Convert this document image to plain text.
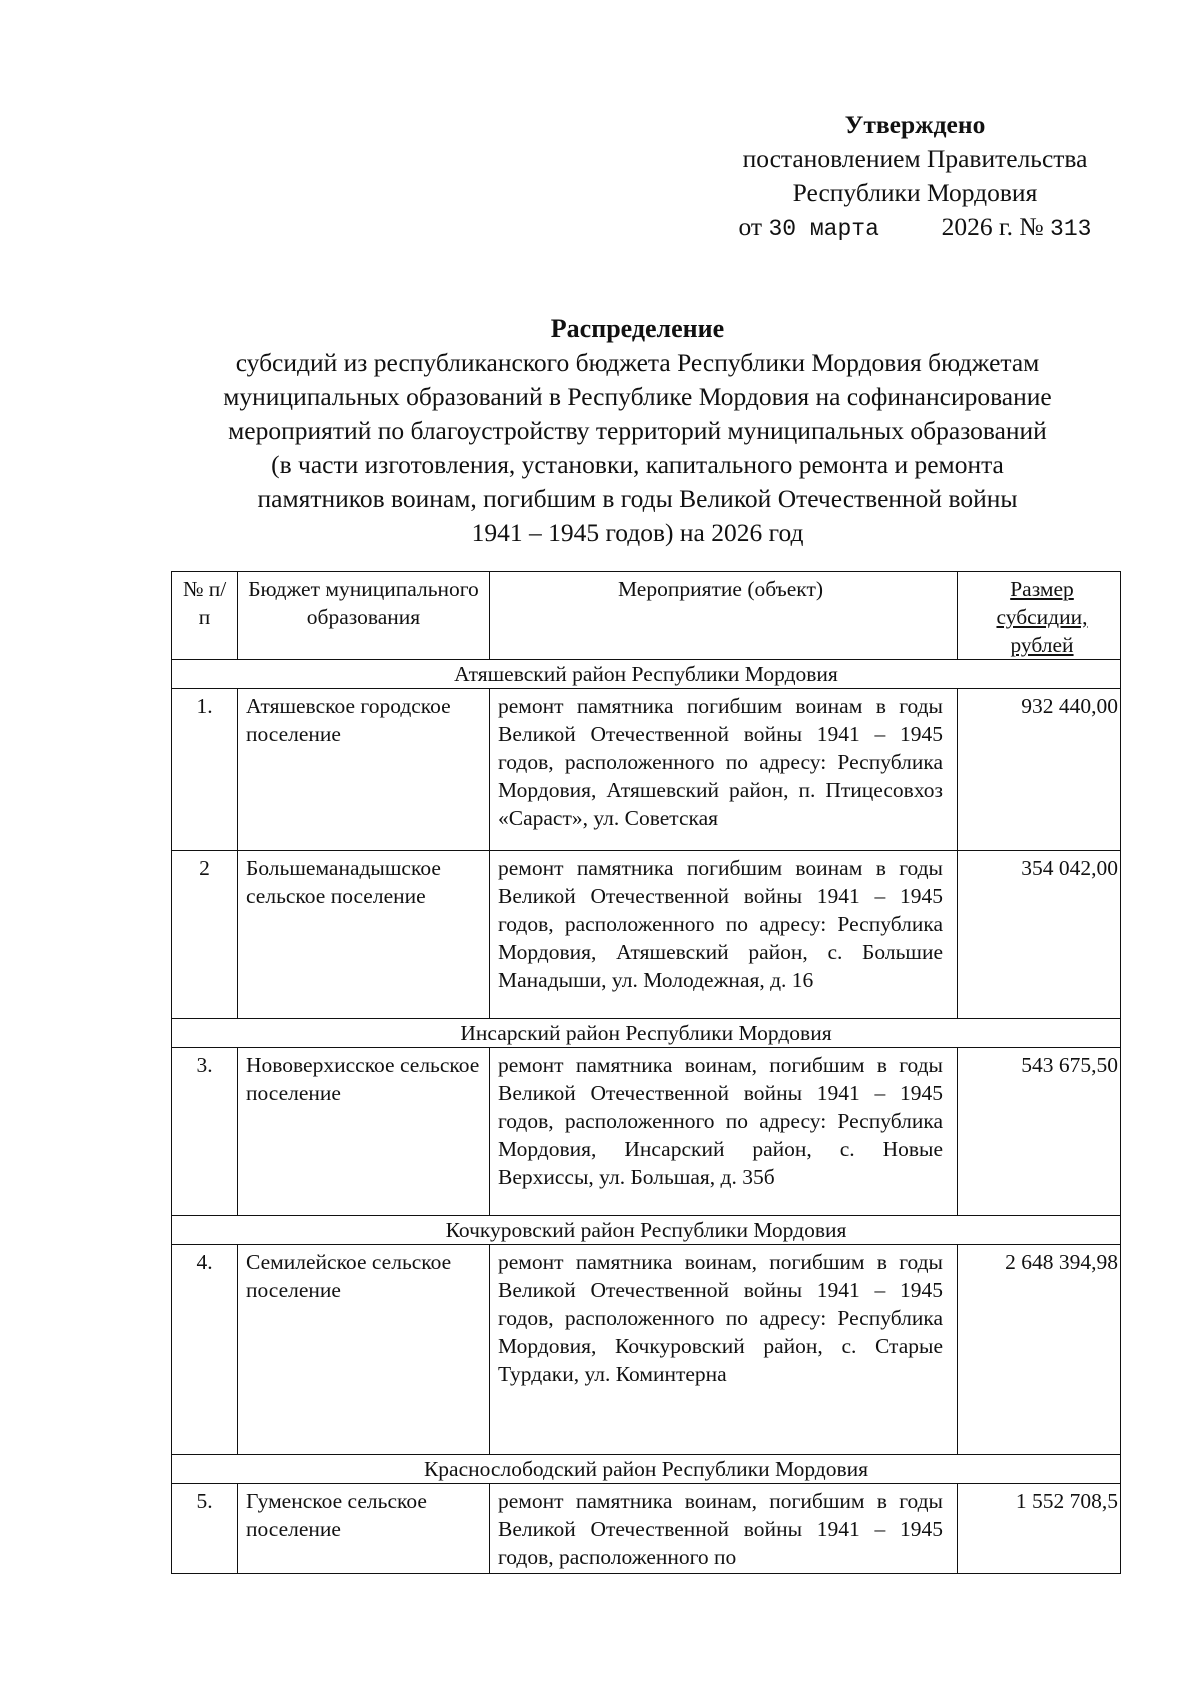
Утверждено
постановлением Правительства
Республики Мордовия
от 30 марта 2026 г. № 313
Распределение
субсидий из республиканского бюджета Республики Мордовия бюджетам
муниципальных образований в Республике Мордовия на софинансирование
мероприятий по благоустройству территорий муниципальных образований
(в части изготовления, установки, капитального ремонта и ремонта
памятников воинам, погибшим в годы Великой Отечественной войны
1941 – 1945 годов) на 2026 год
№ п/п	Бюджет муниципального образования	Мероприятие (объект)	Размер субсидии, рублей
Атяшевский район Республики Мордовия			
1.	Атяшевское городское поселение	ремонт памятника погибшим воинам в годы Великой Отечественной войны 1941 – 1945 годов, расположенного по адресу: Республика Мордовия, Атяшевский район, п. Птицесовхоз «Сараст», ул. Советская	932 440,00
2	Большеманадышское сельское поселение	ремонт памятника погибшим воинам в годы Великой Отечественной войны 1941 – 1945 годов, расположенного по адресу: Республика Мордовия, Атяшевский район, с. Большие Манадыши, ул. Молодежная, д. 16	354 042,00
Инсарский район Республики Мордовия			
3.	Нововерхисское сельское поселение	ремонт памятника воинам, погибшим в годы Великой Отечественной войны 1941 – 1945 годов, расположенного по адресу: Республика Мордовия, Инсарский район, с. Новые Верхиссы, ул. Большая, д. 35б	543 675,50
Кочкуровский район Республики Мордовия			
4.	Семилейское сельское поселение	ремонт памятника воинам, погибшим в годы Великой Отечественной войны 1941 – 1945 годов, расположенного по адресу: Республика Мордовия, Кочкуровский район, с. Старые Турдаки, ул. Коминтерна	2 648 394,98
Краснослободский район Республики Мордовия			
5.	Гуменское сельское поселение	ремонт памятника воинам, погибшим в годы Великой Отечественной войны 1941 – 1945 годов, расположенного по	1 552 708,5
